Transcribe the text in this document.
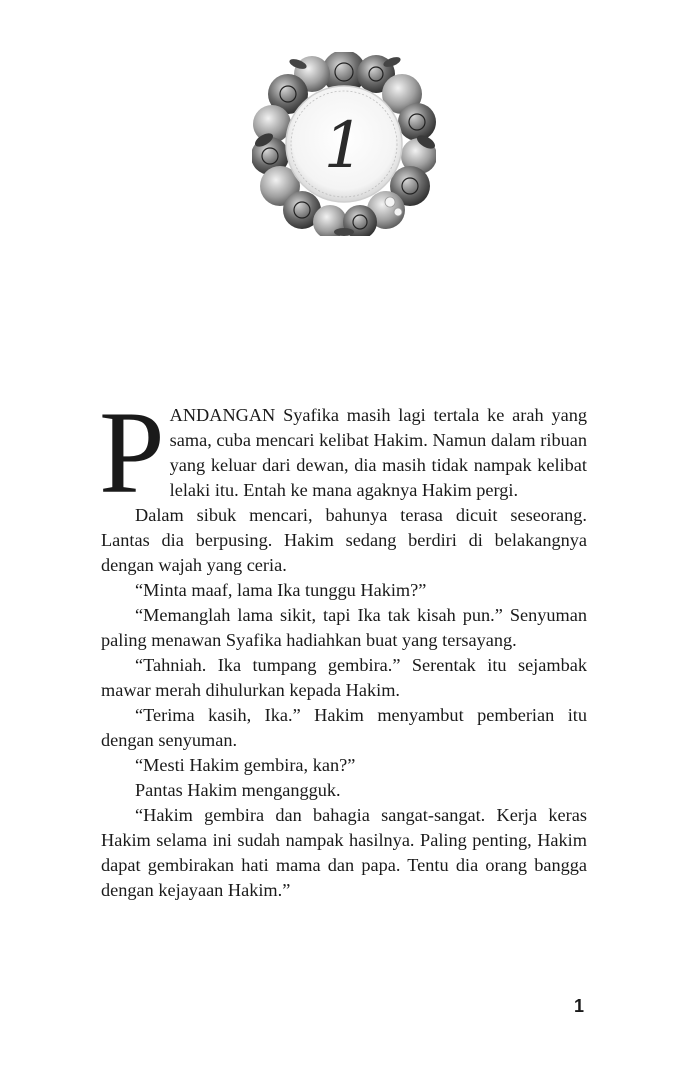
1

PANDANGAN Syafika masih lagi tertala ke arah yang sama, cuba mencari kelibat Hakim. Namun dalam ribuan yang keluar dari dewan, dia masih tidak nampak kelibat lelaki itu. Entah ke mana agaknya Hakim pergi.

Dalam sibuk mencari, bahunya terasa dicuit seseorang. Lantas dia berpusing. Hakim sedang berdiri di belakangnya dengan wajah yang ceria.

“Minta maaf, lama Ika tunggu Hakim?”

“Memanglah lama sikit, tapi Ika tak kisah pun.” Senyuman paling menawan Syafika hadiahkan buat yang tersayang.

“Tahniah. Ika tumpang gembira.” Serentak itu sejambak mawar merah dihulurkan kepada Hakim.

“Terima kasih, Ika.” Hakim menyambut pemberian itu dengan senyuman.

“Mesti Hakim gembira, kan?”

Pantas Hakim mengangguk.

“Hakim gembira dan bahagia sangat-sangat. Kerja keras Hakim selama ini sudah nampak hasilnya. Paling penting, Hakim dapat gembirakan hati mama dan papa. Tentu dia orang bangga dengan kejayaan Hakim.”

1
